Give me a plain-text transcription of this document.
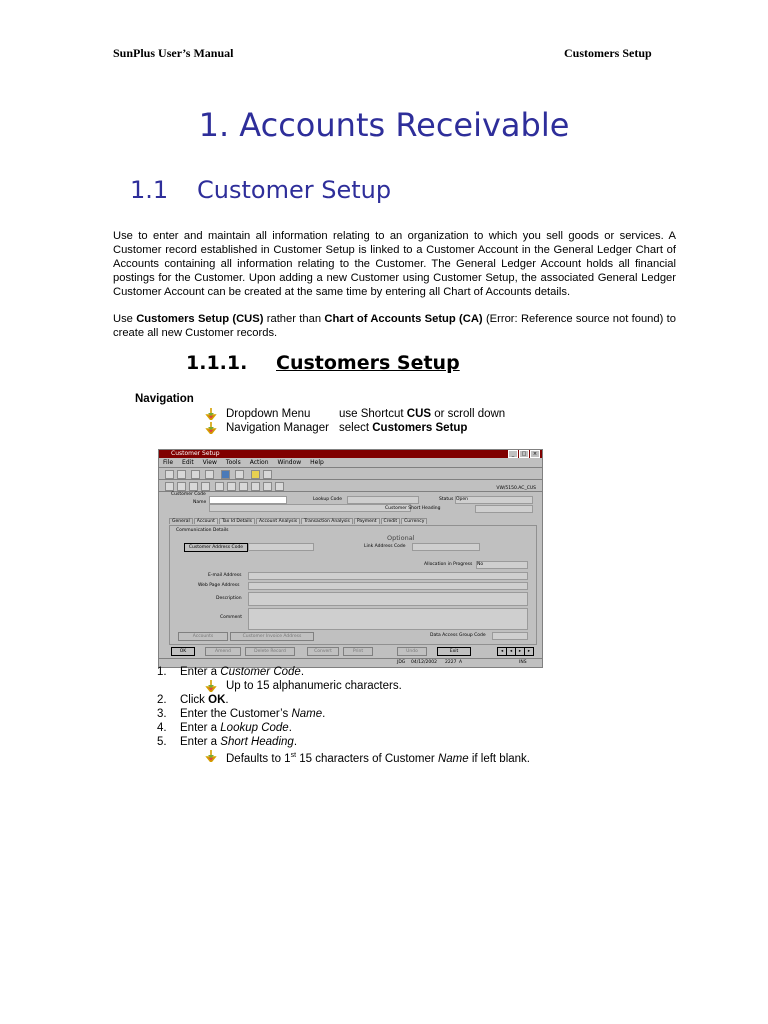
SunPlus User’s Manual	Customers Setup
1. Accounts Receivable
1.1 Customer Setup
Use to enter and maintain all information relating to an organization to which you sell goods or services. A Customer record established in Customer Setup is linked to a Customer Account in the General Ledger Chart of Accounts containing all information relating to the Customer. The General Ledger Account holds all financial postings for the Customer. Upon adding a new Customer using Customer Setup, the associated General Ledger Customer Account can be created at the same time by entering all Chart of Accounts details.
Use Customers Setup (CUS) rather than Chart of Accounts Setup (CA) (Error: Reference source not found) to create all new Customer records.
1.1.1. Customers Setup
Navigation
Dropdown Menu use Shortcut CUS or scroll down
Navigation Manager select Customers Setup
Customer Setup	_ □ ×
File Edit View Tools Action Window Help
VW/5150.AC_CUS
Customer Code
Name
Lookup Code	Status Open
Customer Short Heading
General Account Tax Id Details Account Analysis Transaction Analysis Payment Credit Currency
Communication Details
Optional
Customer Address Code	Link Address Code
Allocation in Progress No
E-mail Address
Web Page Address
Description
Comment
Accounts	Customer Invoice Address	Data Access Group Code
OK	Amend	Delete Record	Convert	Print	Undo	Exit	◂	◂	▸	▸
JDG 04/12/2002 2227 A	INS
1. Enter a Customer Code.
Up to 15 alphanumeric characters.
2. Click OK.
3. Enter the Customer’s Name.
4. Enter a Lookup Code.
5. Enter a Short Heading.
Defaults to 1st 15 characters of Customer Name if left blank.
